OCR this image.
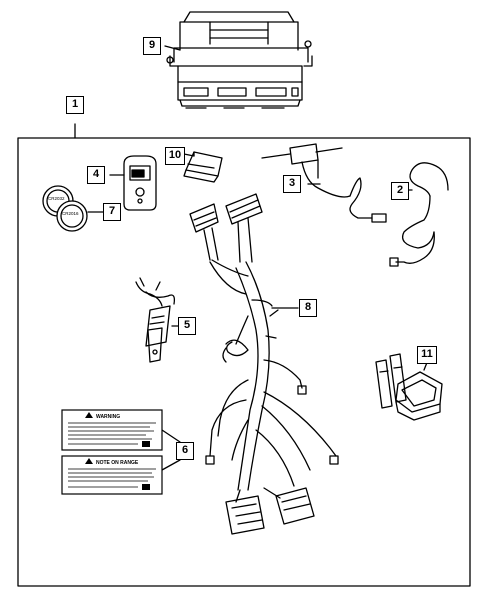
WARNING
NOTE ON RANGE
CR2032
CR2016
1
9
10
4
7
3
2
8
5
11
6
